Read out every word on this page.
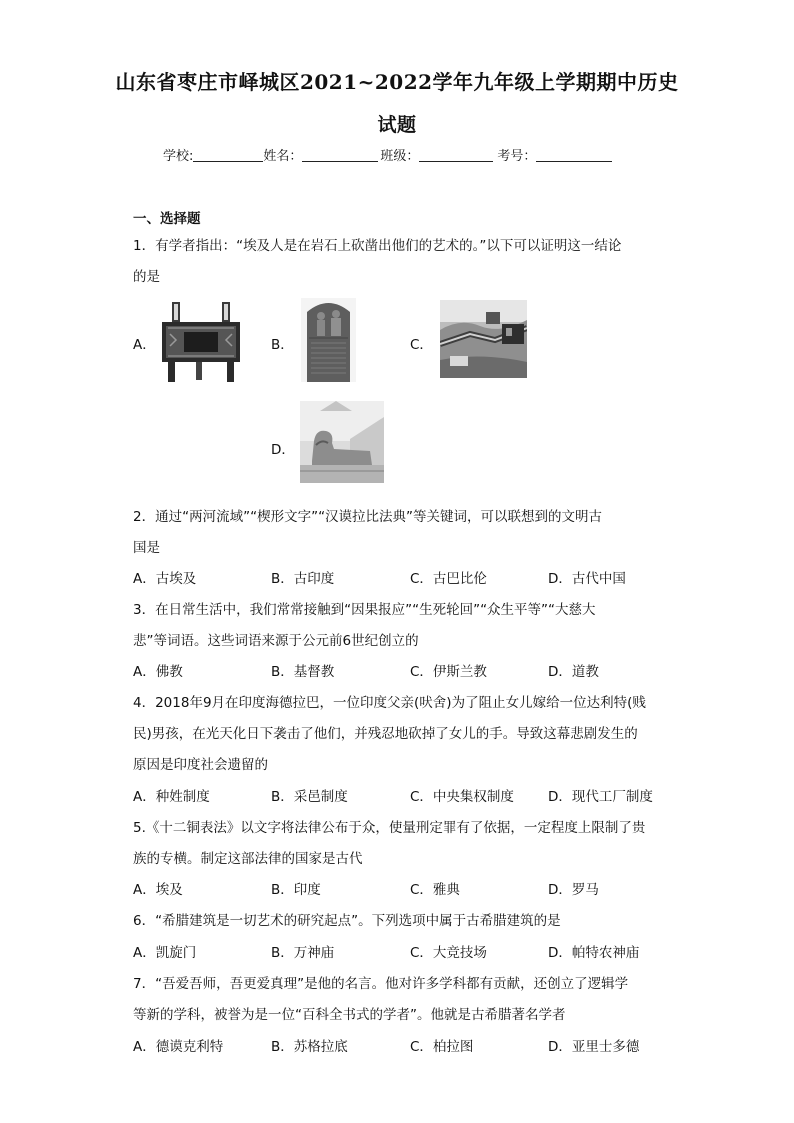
山东省枣庄市峄城区2021~2022学年九年级上学期期中历史
试题
学校:	姓名：	班级：	考号：
一、选择题
1．有学者指出：“埃及人是在岩石上砍凿出他们的艺术的。”以下可以证明这一结论
的是
A．	B．	C．
D．
2．通过“两河流域”“楔形文字”“汉谟拉比法典”等关键词，可以联想到的文明古
国是
A．古埃及	B．古印度	C．古巴比伦	D．古代中国
3．在日常生活中，我们常常接触到“因果报应”“生死轮回”“众生平等”“大慈大
悲”等词语。这些词语来源于公元前6世纪创立的
A．佛教	B．基督教	C．伊斯兰教	D．道教
4．2018年9月在印度海德拉巴，一位印度父亲(吠舍)为了阻止女儿嫁给一位达利特(贱
民)男孩，在光天化日下袭击了他们，并残忍地砍掉了女儿的手。导致这幕悲剧发生的
原因是印度社会遗留的
A．种姓制度	B．采邑制度	C．中央集权制度	D．现代工厂制度
5.《十二铜表法》以文字将法律公布于众，使量刑定罪有了依据，一定程度上限制了贵
族的专横。制定这部法律的国家是古代
A．埃及	B．印度	C．雅典	D．罗马
6．“希腊建筑是一切艺术的研究起点”。下列选项中属于古希腊建筑的是
A．凯旋门	B．万神庙	C．大竞技场	D．帕特农神庙
7．“吾爱吾师，吾更爱真理”是他的名言。他对许多学科都有贡献，还创立了逻辑学
等新的学科，被誉为是一位“百科全书式的学者”。他就是古希腊著名学者
A．德谟克利特	B．苏格拉底	C．柏拉图	D．亚里士多德
